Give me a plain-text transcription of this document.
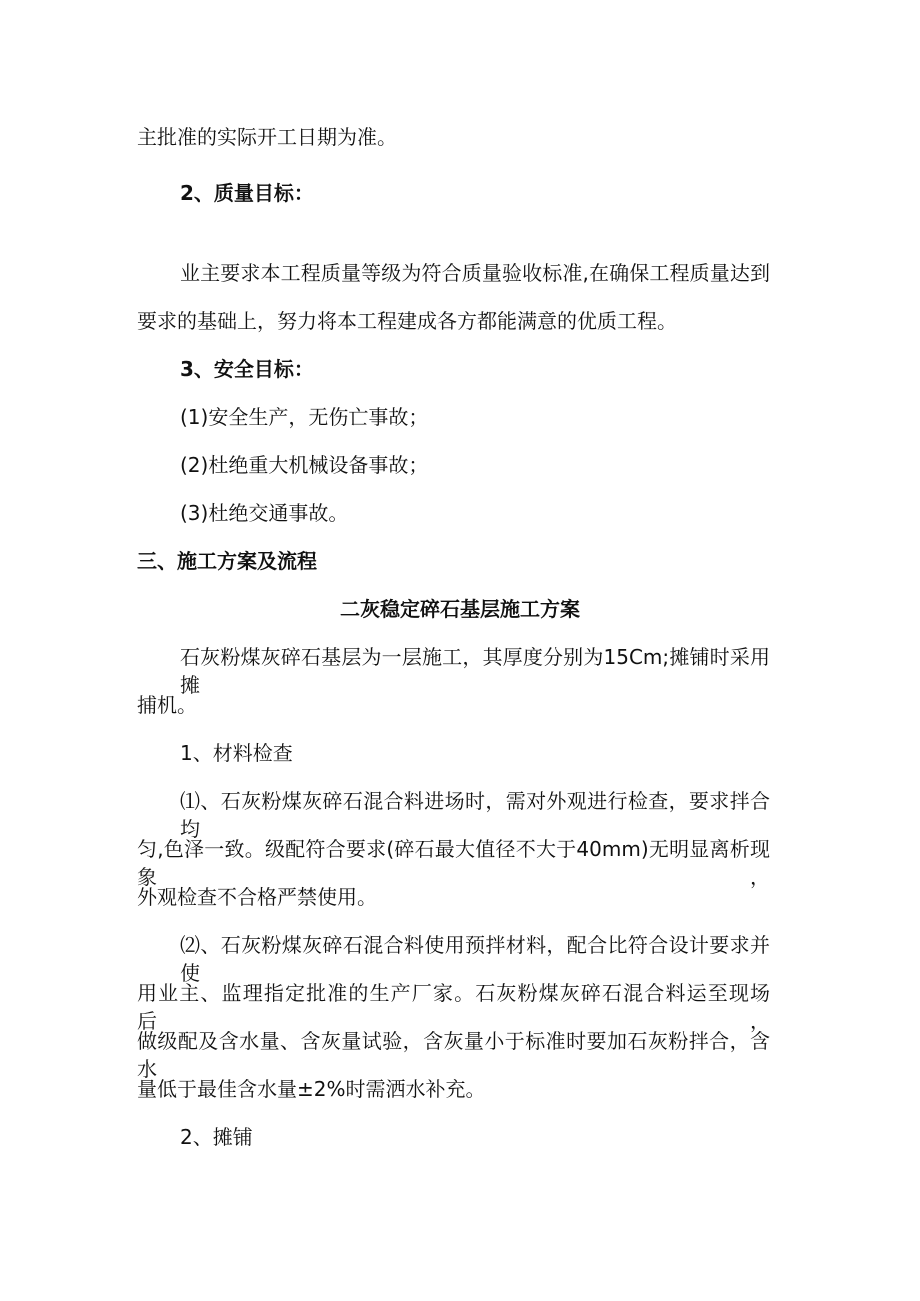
主批准的实际开工日期为准。

2、质量目标：

业主要求本工程质量等级为符合质量验收标准,在确保工程质量达到

要求的基础上，努力将本工程建成各方都能满意的优质工程。

3、安全目标：

(1)安全生产，无伤亡事故；

(2)杜绝重大机械设备事故；

(3)杜绝交通事故。

三、施工方案及流程

二灰稳定碎石基层施工方案

石灰粉煤灰碎石基层为一层施工，其厚度分别为15Cm;摊铺时采用摊

捕机。

1、材料检查

⑴、石灰粉煤灰碎石混合料进场时，需对外观进行检查，要求拌合均

匀,色泽一致。级配符合要求(碎石最大值径不大于40mm)无明显离析现象，

外观检查不合格严禁使用。

⑵、石灰粉煤灰碎石混合料使用预拌材料，配合比符合设计要求并使

用业主、监理指定批准的生产厂家。石灰粉煤灰碎石混合料运至现场后，

做级配及含水量、含灰量试验，含灰量小于标准时要加石灰粉拌合，含水

量低于最佳含水量±2%时需洒水补充。

2、摊铺
